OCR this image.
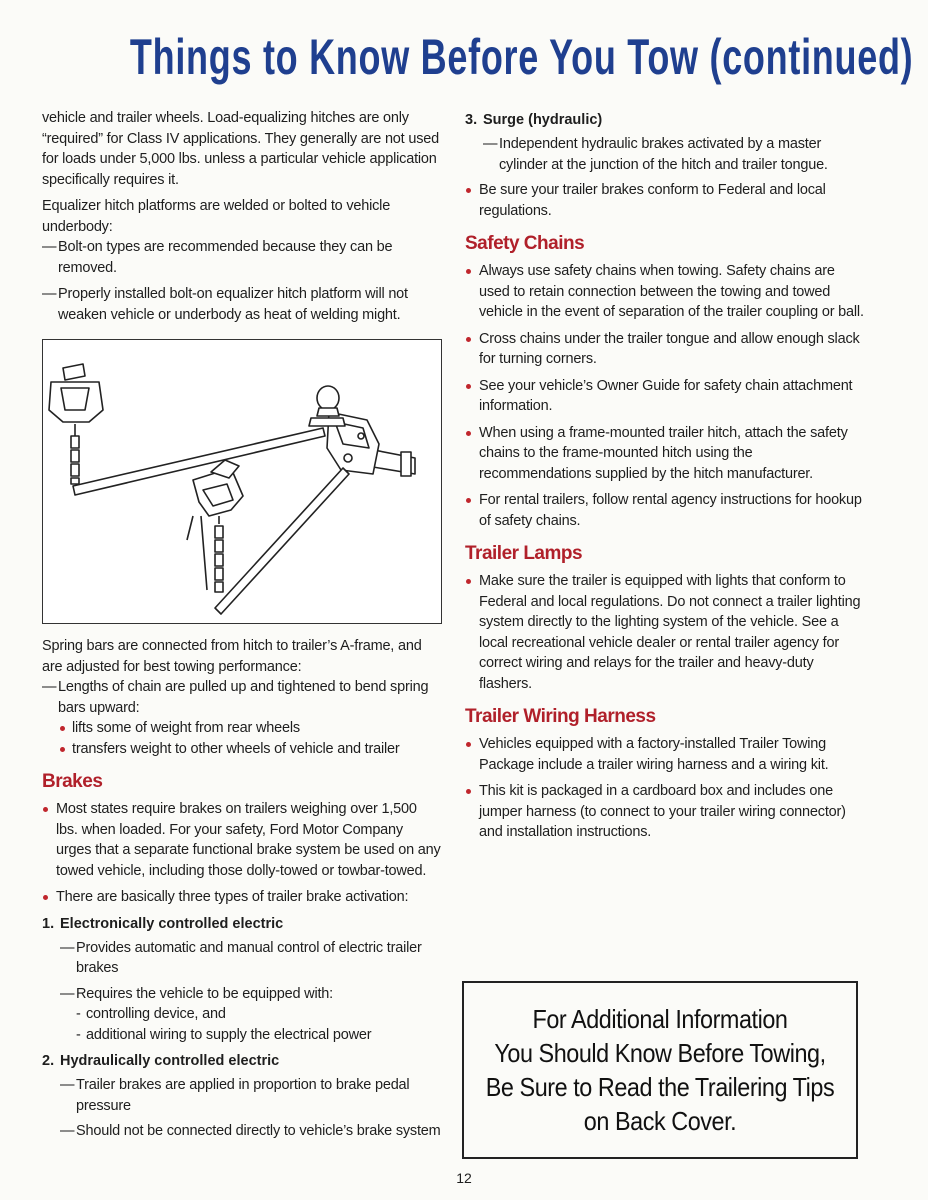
Things to Know Before You Tow (continued)

vehicle and trailer wheels. Load-equalizing hitches are only “required” for Class IV applications. They generally are not used for loads under 5,000 lbs. unless a particular vehicle application specifically requires it.

Equalizer hitch platforms are welded or bolted to vehicle underbody:

— Bolt-on types are recommended because they can be removed.

— Properly installed bolt-on equalizer hitch platform will not weaken vehicle or underbody as heat of welding might.

Spring bars are connected from hitch to trailer’s A-frame, and are adjusted for best towing performance:

— Lengths of chain are pulled up and tightened to bend spring bars upward:

lifts some of weight from rear wheels

transfers weight to other wheels of vehicle and trailer

Brakes

Most states require brakes on trailers weighing over 1,500 lbs. when loaded. For your safety, Ford Motor Company urges that a separate functional brake system be used on any towed vehicle, including those dolly-towed or towbar-towed.

There are basically three types of trailer brake activation:

1. Electronically controlled electric

— Provides automatic and manual control of electric trailer brakes

— Requires the vehicle to be equipped with:

- controlling device, and

- additional wiring to supply the electrical power

2. Hydraulically controlled electric

— Trailer brakes are applied in proportion to brake pedal pressure

— Should not be connected directly to vehicle’s brake system

3. Surge (hydraulic)

— Independent hydraulic brakes activated by a master cylinder at the junction of the hitch and trailer tongue.

Be sure your trailer brakes conform to Federal and local regulations.

Safety Chains

Always use safety chains when towing. Safety chains are used to retain connection between the towing and towed vehicle in the event of separation of the trailer coupling or ball.

Cross chains under the trailer tongue and allow enough slack for turning corners.

See your vehicle’s Owner Guide for safety chain attachment information.

When using a frame-mounted trailer hitch, attach the safety chains to the frame-mounted hitch using the recommendations supplied by the hitch manufacturer.

For rental trailers, follow rental agency instructions for hookup of safety chains.

Trailer Lamps

Make sure the trailer is equipped with lights that conform to Federal and local regulations. Do not connect a trailer lighting system directly to the lighting system of the vehicle. See a local recreational vehicle dealer or rental trailer agency for correct wiring and relays for the trailer and heavy-duty flashers.

Trailer Wiring Harness

Vehicles equipped with a factory-installed Trailer Towing Package include a trailer wiring harness and a wiring kit.

This kit is packaged in a cardboard box and includes one jumper harness (to connect to your trailer wiring connector) and installation instructions.

For Additional Information
You Should Know Before Towing,
Be Sure to Read the Trailering Tips
on Back Cover.
12
